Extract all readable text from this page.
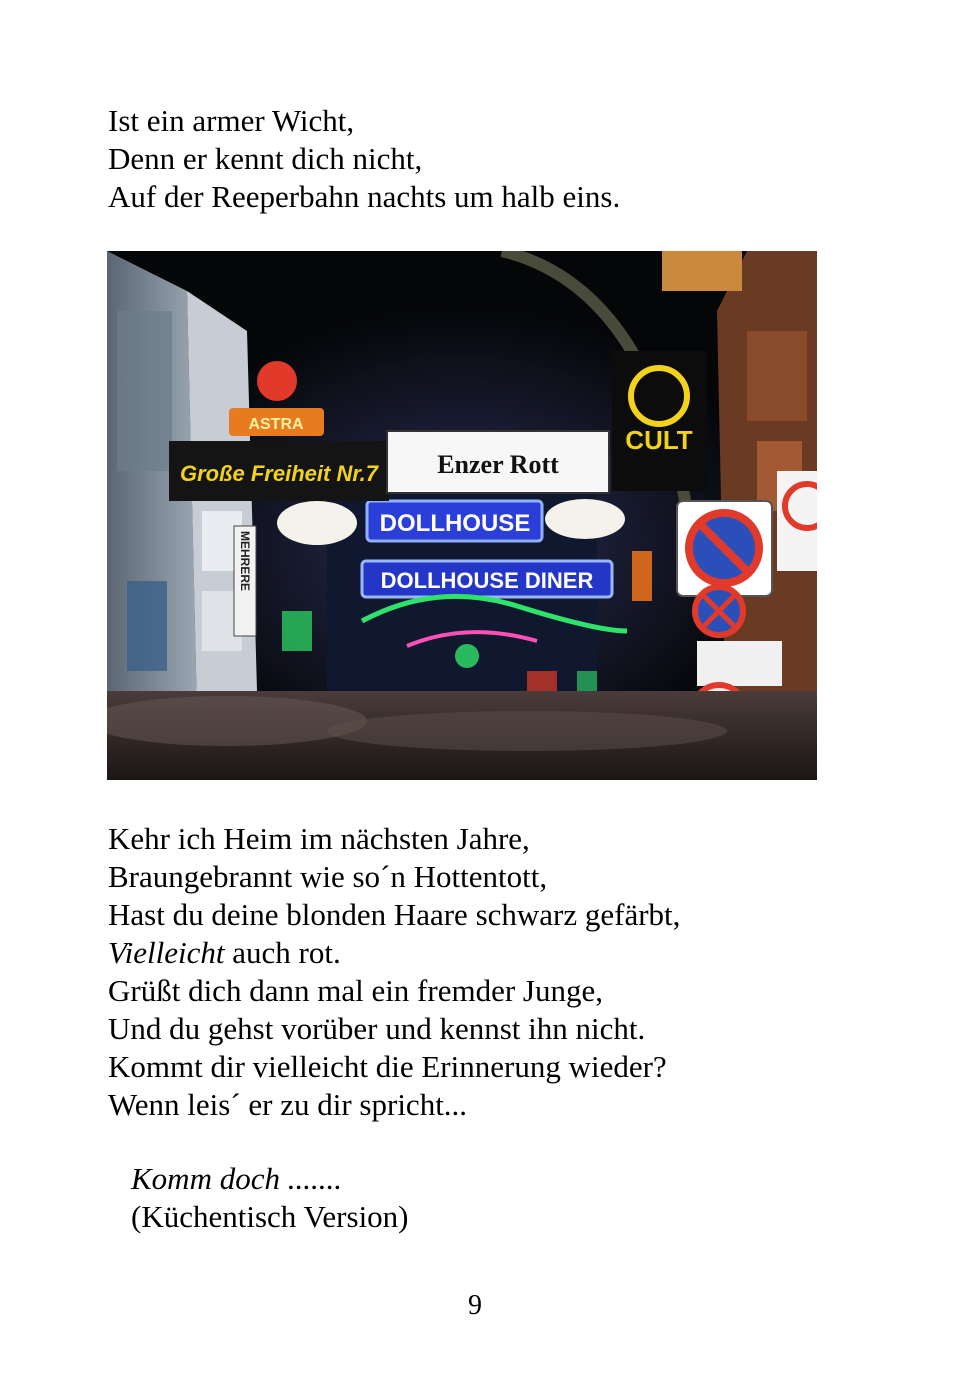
Ist ein armer Wicht,
Denn er kennt dich nicht,
Auf der Reeperbahn nachts um halb eins.
DOLLHOUSE
DOLLHOUSE DINER
ASTRA
Große Freiheit Nr.7 Enzer Rott
CULT
MEHRERE
Kehr ich Heim im nächsten Jahre,
Braungebrannt wie so´n Hottentott,
Hast du deine blonden Haare schwarz gefärbt,
Vielleicht auch rot.
Grüßt dich dann mal ein fremder Junge,
Und du gehst vorüber und kennst ihn nicht.
Kommt dir vielleicht die Erinnerung wieder?
Wenn leis´ er zu dir spricht...
Komm doch .......
(Küchentisch Version)
9
